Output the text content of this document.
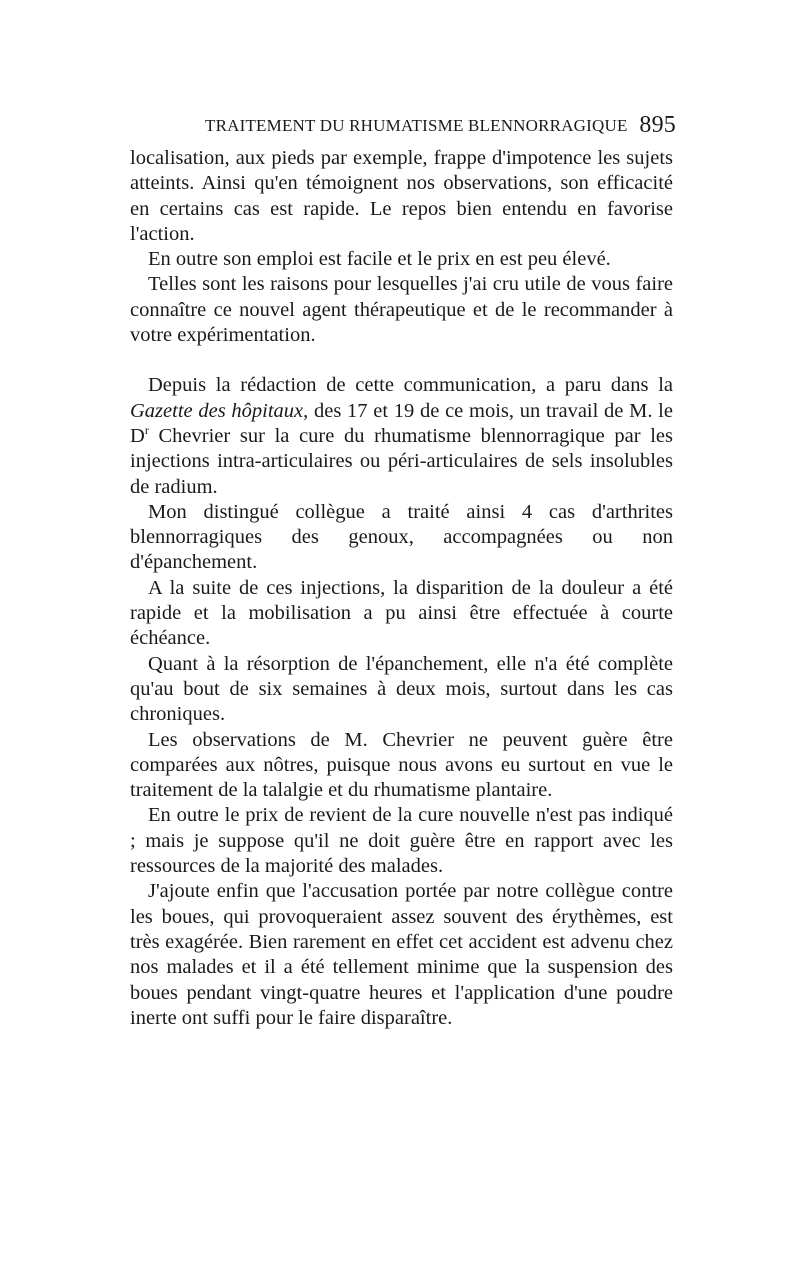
TRAITEMENT DU RHUMATISME BLENNORRAGIQUE 895

localisation, aux pieds par exemple, frappe d'impotence les sujets atteints. Ainsi qu'en témoignent nos observations, son efficacité en certains cas est rapide. Le repos bien entendu en favorise l'action.

En outre son emploi est facile et le prix en est peu élevé.

Telles sont les raisons pour lesquelles j'ai cru utile de vous faire connaître ce nouvel agent thérapeutique et de le recommander à votre expérimentation.

Depuis la rédaction de cette communication, a paru dans la Gazette des hôpitaux, des 17 et 19 de ce mois, un travail de M. le $D^r$ Chevrier sur la cure du rhumatisme blennorragique par les injections intra-articulaires ou péri-articulaires de sels insolubles de radium.

Mon distingué collègue a traité ainsi 4 cas d'arthrites blennorragiques des genoux, accompagnées ou non d'épanchement.

A la suite de ces injections, la disparition de la douleur a été rapide et la mobilisation a pu ainsi être effectuée à courte échéance.

Quant à la résorption de l'épanchement, elle n'a été complète qu'au bout de six semaines à deux mois, surtout dans les cas chroniques.

Les observations de M. Chevrier ne peuvent guère être comparées aux nôtres, puisque nous avons eu surtout en vue le traitement de la talalgie et du rhumatisme plantaire.

En outre le prix de revient de la cure nouvelle n'est pas indiqué ; mais je suppose qu'il ne doit guère être en rapport avec les ressources de la majorité des malades.

J'ajoute enfin que l'accusation portée par notre collègue contre les boues, qui provoqueraient assez souvent des érythèmes, est très exagérée. Bien rarement en effet cet accident est advenu chez nos malades et il a été tellement minime que la suspension des boues pendant vingt-quatre heures et l'application d'une poudre inerte ont suffi pour le faire disparaître.
